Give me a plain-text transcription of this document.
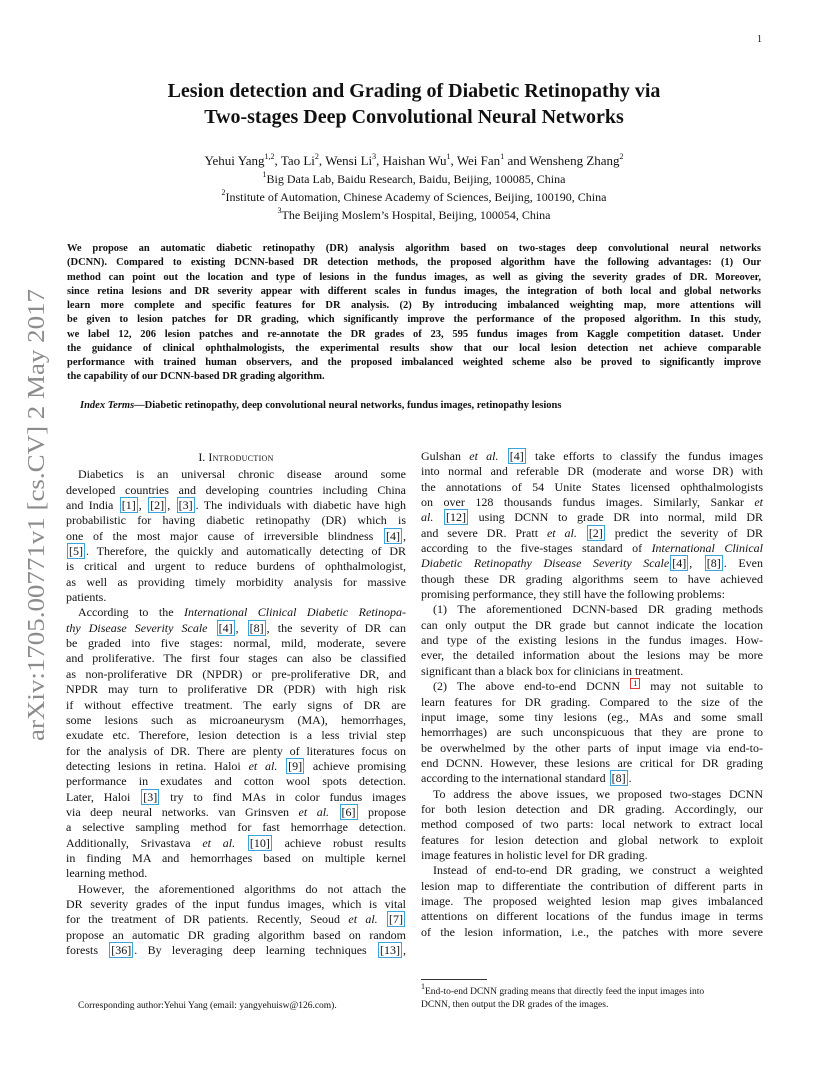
1
arXiv:1705.00771v1 [cs.CV] 2 May 2017
Lesion detection and Grading of Diabetic Retinopathy via
Two-stages Deep Convolutional Neural Networks
Yehui Yang$^{1,2}$, Tao Li$^2$, Wensi Li$^3$, Haishan Wu$^1$, Wei Fan$^1$ and Wensheng Zhang$^2$
$^1$Big Data Lab, Baidu Research, Baidu, Beijing, 100085, China
$^2$Institute of Automation, Chinese Academy of Sciences, Beijing, 100190, China
$^3$The Beijing Moslem’s Hospital, Beijing, 100054, China
We propose an automatic diabetic retinopathy (DR) analysis algorithm based on two-stages deep convolutional neural networks
(DCNN). Compared to existing DCNN-based DR detection methods, the proposed algorithm have the following advantages: (1) Our
method can point out the location and type of lesions in the fundus images, as well as giving the severity grades of DR. Moreover,
since retina lesions and DR severity appear with different scales in fundus images, the integration of both local and global networks
learn more complete and specific features for DR analysis. (2) By introducing imbalanced weighting map, more attentions will
be given to lesion patches for DR grading, which significantly improve the performance of the proposed algorithm. In this study,
we label 12, 206 lesion patches and re-annotate the DR grades of 23, 595 fundus images from Kaggle competition dataset. Under
the guidance of clinical ophthalmologists, the experimental results show that our local lesion detection net achieve comparable
performance with trained human observers, and the proposed imbalanced weighted scheme also be proved to significantly improve
the capability of our DCNN-based DR grading algorithm.
Index Terms—Diabetic retinopathy, deep convolutional neural networks, fundus images, retinopathy lesions
I. Introduction
Diabetics is an universal chronic disease around some
developed countries and developing countries including China
and India [1] , [2] , [3] . The individuals with diabetic have high
probabilistic for having diabetic retinopathy (DR) which is
one of the most major cause of irreversible blindness [4] ,
[5] . Therefore, the quickly and automatically detecting of DR
is critical and urgent to reduce burdens of ophthalmologist,
as well as providing timely morbidity analysis for massive
patients.
According to the International Clinical Diabetic Retinopa-
thy Disease Severity Scale [4] , [8] , the severity of DR can
be graded into five stages: normal, mild, moderate, severe
and proliferative. The first four stages can also be classified
as non-proliferative DR (NPDR) or pre-proliferative DR, and
NPDR may turn to proliferative DR (PDR) with high risk
if without effective treatment. The early signs of DR are
some lesions such as microaneurysm (MA), hemorrhages,
exudate etc. Therefore, lesion detection is a less trivial step
for the analysis of DR. There are plenty of literatures focus on
detecting lesions in retina. Haloi et al. [9] achieve promising
performance in exudates and cotton wool spots detection.
Later, Haloi [3] try to find MAs in color fundus images
via deep neural networks. van Grinsven et al. [6] propose
a selective sampling method for fast hemorrhage detection.
Additionally, Srivastava et al. [10] achieve robust results
in finding MA and hemorrhages based on multiple kernel
learning method.
However, the aforementioned algorithms do not attach the
DR severity grades of the input fundus images, which is vital
for the treatment of DR patients. Recently, Seoud et al. [7]
propose an automatic DR grading algorithm based on random
forests [36] . By leveraging deep learning techniques [13] ,
Gulshan et al. [4] take efforts to classify the fundus images
into normal and referable DR (moderate and worse DR) with
the annotations of 54 Unite States licensed ophthalmologists
on over 128 thousands fundus images. Similarly, Sankar et
al. [12] using DCNN to grade DR into normal, mild DR
and severe DR. Pratt et al. [2] predict the severity of DR
according to the five-stages standard of International Clinical
Diabetic Retinopathy Disease Severity Scale [4] , [8] . Even
though these DR grading algorithms seem to have achieved
promising performance, they still have the following problems:
(1) The aforementioned DCNN-based DR grading methods
can only output the DR grade but cannot indicate the location
and type of the existing lesions in the fundus images. How-
ever, the detailed information about the lesions may be more
significant than a black box for clinicians in treatment.
(2) The above end-to-end DCNN $^1$ may not suitable to
learn features for DR grading. Compared to the size of the
input image, some tiny lesions (eg., MAs and some small
hemorrhages) are such unconspicuous that they are prone to
be overwhelmed by the other parts of input image via end-to-
end DCNN. However, these lesions are critical for DR grading
according to the international standard [8] .
To address the above issues, we proposed two-stages DCNN
for both lesion detection and DR grading. Accordingly, our
method composed of two parts: local network to extract local
features for lesion detection and global network to exploit
image features in holistic level for DR grading.
Instead of end-to-end DR grading, we construct a weighted
lesion map to differentiate the contribution of different parts in
image. The proposed weighted lesion map gives imbalanced
attentions on different locations of the fundus image in terms
of the lesion information, i.e., the patches with more severe
Corresponding author:Yehui Yang (email: yangyehuisw@126.com).
$^1$End-to-end DCNN grading means that directly feed the input images into
DCNN, then output the DR grades of the images.
